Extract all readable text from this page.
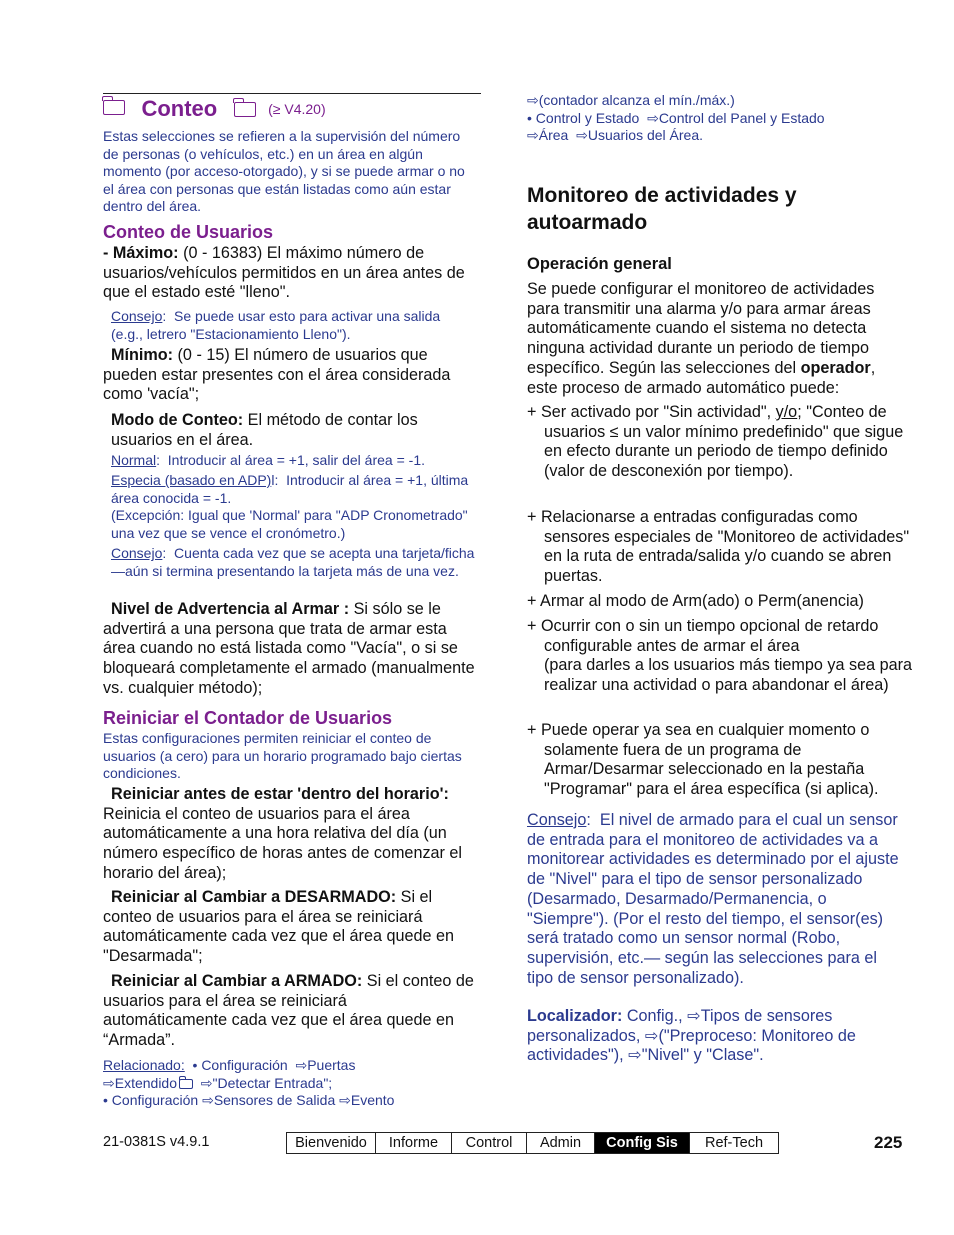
Conteo	(≥ V4.20)
Estas selecciones se refieren a la supervisión del número de personas (o vehículos, etc.) en un área en algún momento (por acceso-otorgado), y si se puede armar o no el área con personas que están listadas como aún estar dentro del área.
Conteo de Usuarios
- Máximo: (0 - 16383) El máximo número de usuarios/vehículos permitidos en un área antes de que el estado esté "lleno".
Consejo:  Se puede usar esto para activar una salida (e.g., letrero "Estacionamiento Lleno").
Mínimo: (0 - 15) El número de usuarios que pueden estar presentes con el área considerada como 'vacía";
Modo de Conteo: El método de contar los usuarios en el área.
Normal:  Introducir al área = +1, salir del área = -1.
Especia (basado en ADP)l:  Introducir al área = +1, última área conocida = -1.
(Excepción: Igual que 'Normal' para "ADP Cronometrado" una vez que se vence el cronómetro.)
Consejo:  Cuenta cada vez que se acepta una tarjeta/ficha—aún si termina presentando la tarjeta más de una vez.
Nivel de Advertencia al Armar : Si sólo se le advertirá a una persona que trata de armar esta área cuando no está listada como "Vacía", o si se bloqueará completamente el armado (manualmente vs. cualquier método);
Reiniciar el Contador de Usuarios
Estas configuraciones permiten reiniciar el conteo de usuarios (a cero) para un horario programado bajo ciertas condiciones.
Reiniciar antes de estar 'dentro del horario': Reinicia el conteo de usuarios para el área automáticamente a una hora relativa del día (un número específico de horas antes de comenzar el horario del área);
Reiniciar al Cambiar a DESARMADO: Si el conteo de usuarios para el área se reiniciará automáticamente cada vez que el área quede en "Desarmada";
Reiniciar al Cambiar a ARMADO: Si el conteo de usuarios para el área se reiniciará automáticamente cada vez que el área quede en “Armada”.
Relacionado:  • Configuración ⇨Puertas
⇨Extendido ⇨"Detectar Entrada";
• Configuración ⇨Sensores de Salida ⇨Evento
⇨(contador alcanza el mín./máx.)
• Control y Estado ⇨Control del Panel y Estado
⇨Área ⇨Usuarios del Área.
Monitoreo de actividades y autoarmado
Operación general
Se puede configurar el monitoreo de actividades para transmitir una alarma y/o para armar áreas automáticamente cuando el sistema no detecta ninguna actividad durante un periodo de tiempo específico. Según las selecciones del operador, este proceso de armado automático puede:
+ Ser activado por "Sin actividad", y/o; "Conteo de usuarios ≤ un valor mínimo predefinido" que sigue en efecto durante un periodo de tiempo definido (valor de desconexión por tiempo).
+ Relacionarse a entradas configuradas como sensores especiales de "Monitoreo de actividades" en la ruta de entrada/salida y/o cuando se abren puertas.
+ Armar al modo de Arm(ado) o Perm(anencia)
+ Ocurrir con o sin un tiempo opcional de retardo configurable antes de armar el área
(para darles a los usuarios más tiempo ya sea para realizar una actividad o para abandonar el área)
+ Puede operar ya sea en cualquier momento o solamente fuera de un programa de Armar/Desarmar seleccionado en la pestaña "Programar" para el área específica (si aplica).
Consejo:  El nivel de armado para el cual un sensor de entrada para el monitoreo de actividades va a monitorear actividades es determinado por el ajuste de "Nivel" para el tipo de sensor personalizado (Desarmado, Desarmado/Permanencia, o "Siempre"). (Por el resto del tiempo, el sensor(es) será tratado como un sensor normal (Robo, supervisión, etc.— según las selecciones para el tipo de sensor personalizado).
Localizador: Config., ⇨Tipos de sensores personalizados, ⇨("Preproceso: Monitoreo de actividades"), ⇨"Nivel" y "Clase".
21-0381S v4.9.1	Bienvenido	Informe	Control	Admin	Config Sis	Ref-Tech	225
